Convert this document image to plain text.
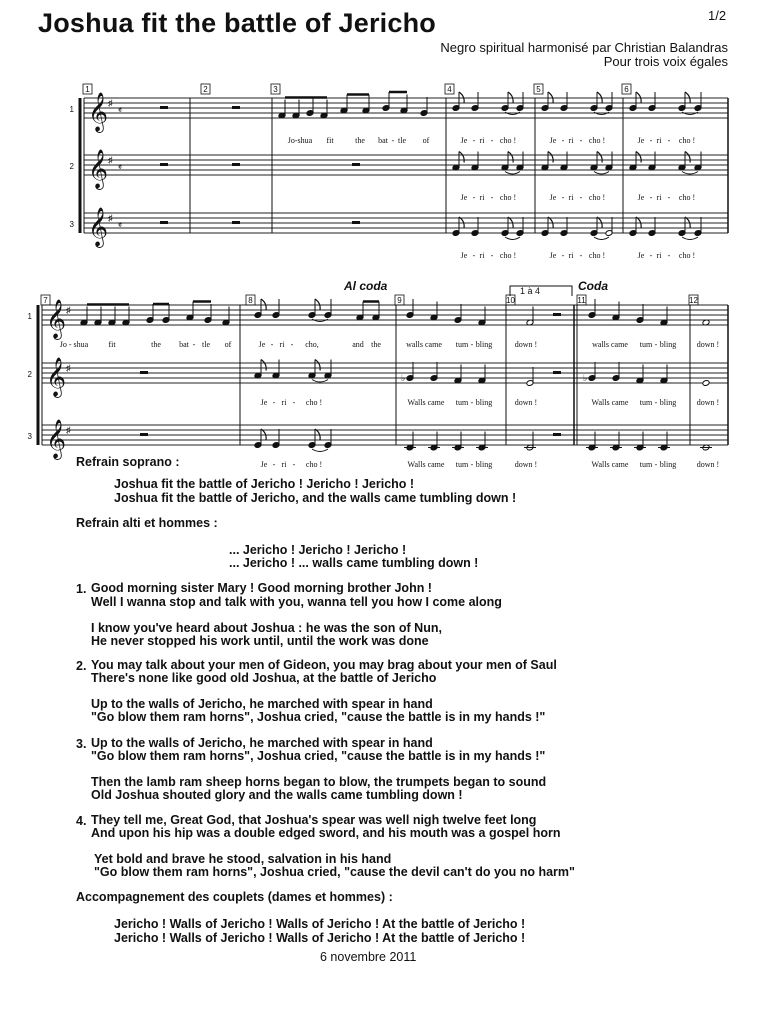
Joshua fit the battle of Jericho	1/2
Negro spiritual harmonisé par Christian Balandras
Pour trois voix égales
1 𝄞 ♯
𝄵
2 𝄞 ♯
𝄵
3 𝄞 ♯
𝄵
1	2	3	4	5	6
Jo-shua fit	the bat - tle of	Je - ri - cho !	Je - ri - cho !	Je - ri - cho !
Je - ri - cho !	Je - ri - cho !	Je - ri - cho !
Je - ri - cho !	Je - ri - cho !	Je - ri - cho !
1 𝄞 ♯
2 𝄞 ♯
3 𝄞 ♯
7	8	9	10	11	12
Al coda	1 à 4	Coda
♭	♭
Jo - shua	fit	the bat - tle of	Je - ri - cho,	and the	walls came tum - bling	down !	walls came tum - bling	down !
Je - ri - cho !	Walls came tum - bling	down !	Walls came tum - bling	down !
Je - ri - cho !	Walls came tum - bling	down !	Walls came tum - bling	down !
Refrain soprano :
Joshua fit the battle of Jericho ! Jericho ! Jericho !
Joshua fit the battle of Jericho, and the walls came tumbling down !
Refrain alti et hommes :
... Jericho ! Jericho ! Jericho !
... Jericho ! ... walls came tumbling down !
1. Good morning sister Mary ! Good morning brother John !
Well I wanna stop and talk with you, wanna tell you how I come along
I know you've heard about Joshua : he was the son of Nun,
He never stopped his work until, until the work was done
2. You may talk about your men of Gideon, you may brag about your men of Saul
There's none like good old Joshua, at the battle of Jericho
Up to the walls of Jericho, he marched with spear in hand
"Go blow them ram horns", Joshua cried, "cause the battle is in my hands !"
3. Up to the walls of Jericho, he marched with spear in hand
"Go blow them ram horns", Joshua cried, "cause the battle is in my hands !"
Then the lamb ram sheep horns began to blow, the trumpets began to sound
Old Joshua shouted glory and the walls came tumbling down !
4. They tell me, Great God, that Joshua's spear was well nigh twelve feet long
And upon his hip was a double edged sword, and his mouth was a gospel horn
Yet bold and brave he stood, salvation in his hand
"Go blow them ram horns", Joshua cried, "cause the devil can't do you no harm"
Accompagnement des couplets (dames et hommes) :
Jericho ! Walls of Jericho ! Walls of Jericho ! At the battle of Jericho !
Jericho ! Walls of Jericho ! Walls of Jericho ! At the battle of Jericho !
6 novembre 2011
